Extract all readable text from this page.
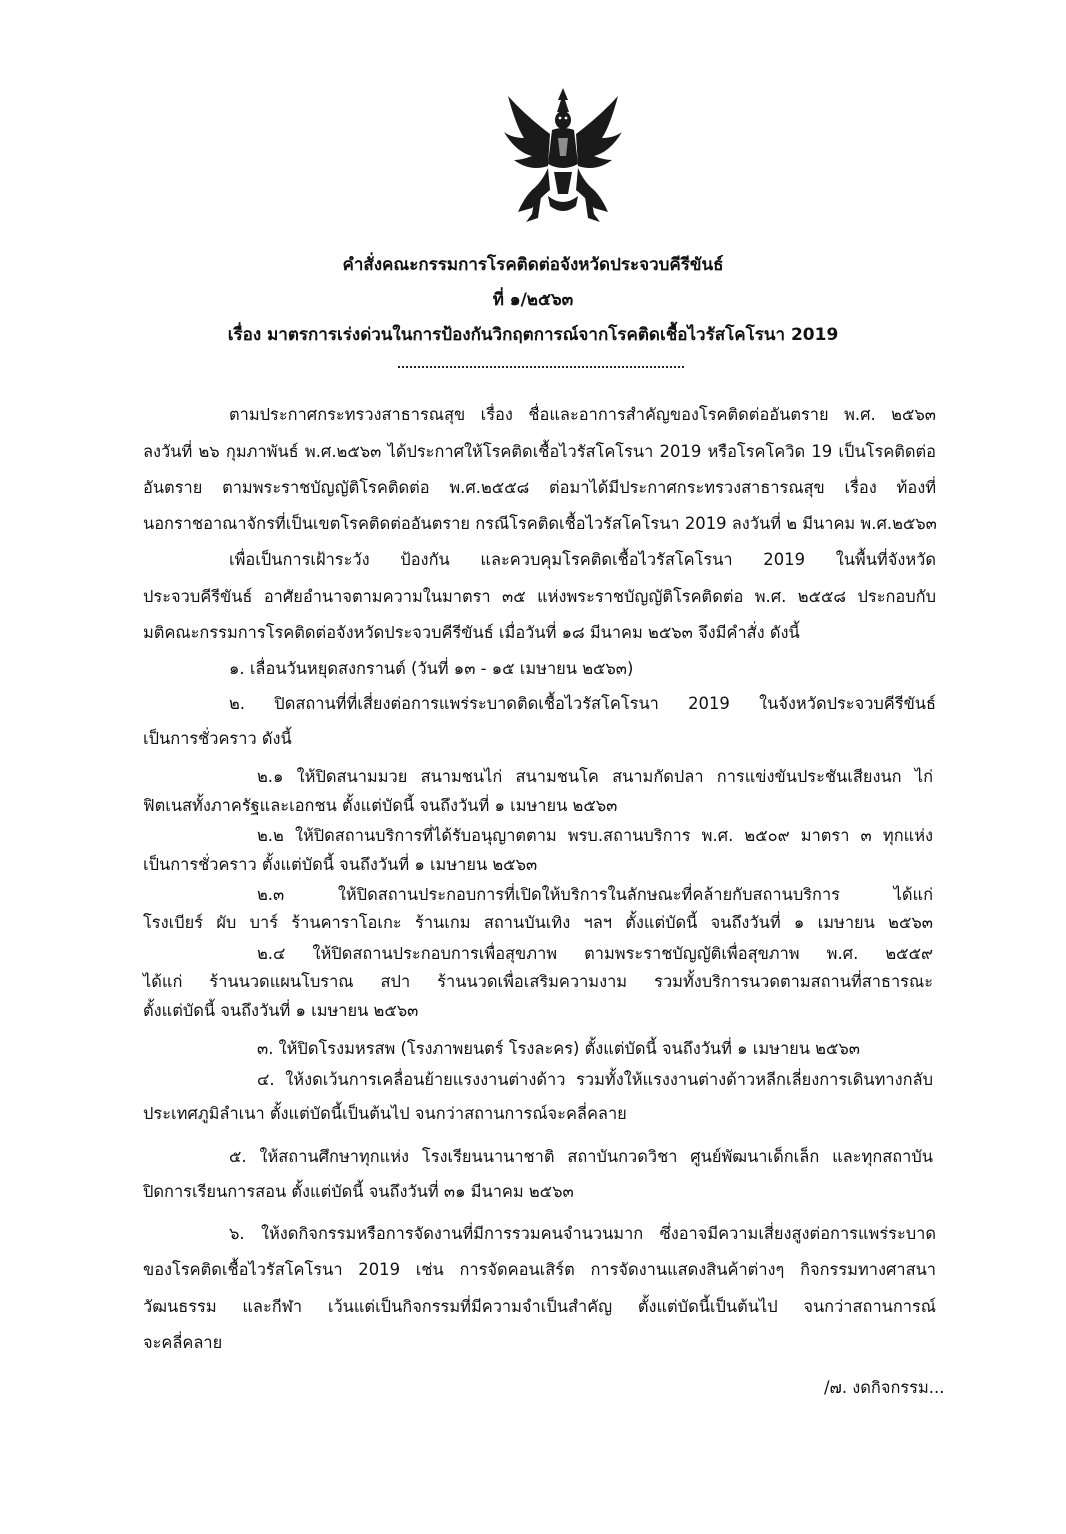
คำสั่งคณะกรรมการโรคติดต่อจังหวัดประจวบคีรีขันธ์
ที่ ๑/๒๕๖๓
เรื่อง มาตรการเร่งด่วนในการป้องกันวิกฤตการณ์จากโรคติดเชื้อไวรัสโคโรนา 2019
ตามประกาศกระทรวงสาธารณสุข เรื่อง ชื่อและอาการสำคัญของโรคติดต่ออันตราย พ.ศ. ๒๕๖๓
ลงวันที่ ๒๖ กุมภาพันธ์ พ.ศ.๒๕๖๓ ได้ประกาศให้โรคติดเชื้อไวรัสโคโรนา 2019 หรือโรคโควิด 19 เป็นโรคติดต่อ
อันตราย ตามพระราชบัญญัติโรคติดต่อ พ.ศ.๒๕๕๘ ต่อมาได้มีประกาศกระทรวงสาธารณสุข เรื่อง ท้องที่
นอกราชอาณาจักรที่เป็นเขตโรคติดต่ออันตราย กรณีโรคติดเชื้อไวรัสโคโรนา 2019 ลงวันที่ ๒ มีนาคม พ.ศ.๒๕๖๓
เพื่อเป็นการเฝ้าระวัง ป้องกัน และควบคุมโรคติดเชื้อไวรัสโคโรนา 2019 ในพื้นที่จังหวัด
ประจวบคีรีขันธ์ อาศัยอำนาจตามความในมาตรา ๓๕ แห่งพระราชบัญญัติโรคติดต่อ พ.ศ. ๒๕๕๘ ประกอบกับ
มติคณะกรรมการโรคติดต่อจังหวัดประจวบคีรีขันธ์ เมื่อวันที่ ๑๘ มีนาคม ๒๕๖๓ จึงมีคำสั่ง ดังนี้
๑. เลื่อนวันหยุดสงกรานต์ (วันที่ ๑๓ - ๑๕ เมษายน ๒๕๖๓)
๒. ปิดสถานที่ที่เสี่ยงต่อการแพร่ระบาดติดเชื้อไวรัสโคโรนา 2019 ในจังหวัดประจวบคีรีขันธ์
เป็นการชั่วคราว ดังนี้
๒.๑ ให้ปิดสนามมวย สนามชนไก่ สนามชนโค สนามกัดปลา การแข่งขันประชันเสียงนก ไก่
ฟิตเนสทั้งภาครัฐและเอกชน ตั้งแต่บัดนี้ จนถึงวันที่ ๑ เมษายน ๒๕๖๓
๒.๒ ให้ปิดสถานบริการที่ได้รับอนุญาตตาม พรบ.สถานบริการ พ.ศ. ๒๕๐๙ มาตรา ๓ ทุกแห่ง
เป็นการชั่วคราว ตั้งแต่บัดนี้ จนถึงวันที่ ๑ เมษายน ๒๕๖๓
๒.๓ ให้ปิดสถานประกอบการที่เปิดให้บริการในลักษณะที่คล้ายกับสถานบริการ ได้แก่
โรงเบียร์ ผับ บาร์ ร้านคาราโอเกะ ร้านเกม สถานบันเทิง ฯลฯ ตั้งแต่บัดนี้ จนถึงวันที่ ๑ เมษายน ๒๕๖๓
๒.๔ ให้ปิดสถานประกอบการเพื่อสุขภาพ ตามพระราชบัญญัติเพื่อสุขภาพ พ.ศ. ๒๕๕๙
ได้แก่ ร้านนวดแผนโบราณ สปา ร้านนวดเพื่อเสริมความงาม รวมทั้งบริการนวดตามสถานที่สาธารณะ
ตั้งแต่บัดนี้ จนถึงวันที่ ๑ เมษายน ๒๕๖๓
๓. ให้ปิดโรงมหรสพ (โรงภาพยนตร์ โรงละคร) ตั้งแต่บัดนี้ จนถึงวันที่ ๑ เมษายน ๒๕๖๓
๔. ให้งดเว้นการเคลื่อนย้ายแรงงานต่างด้าว รวมทั้งให้แรงงานต่างด้าวหลีกเลี่ยงการเดินทางกลับ
ประเทศภูมิลำเนา ตั้งแต่บัดนี้เป็นต้นไป จนกว่าสถานการณ์จะคลี่คลาย
๕. ให้สถานศึกษาทุกแห่ง โรงเรียนนานาชาติ สถาบันกวดวิชา ศูนย์พัฒนาเด็กเล็ก และทุกสถาบัน
ปิดการเรียนการสอน ตั้งแต่บัดนี้ จนถึงวันที่ ๓๑ มีนาคม ๒๕๖๓
๖. ให้งดกิจกรรมหรือการจัดงานที่มีการรวมคนจำนวนมาก ซึ่งอาจมีความเสี่ยงสูงต่อการแพร่ระบาด
ของโรคติดเชื้อไวรัสโคโรนา 2019 เช่น การจัดคอนเสิร์ต การจัดงานแสดงสินค้าต่างๆ กิจกรรมทางศาสนา
วัฒนธรรม และกีฬา เว้นแต่เป็นกิจกรรมที่มีความจำเป็นสำคัญ ตั้งแต่บัดนี้เป็นต้นไป จนกว่าสถานการณ์
จะคลี่คลาย
/๗. งดกิจกรรม...
